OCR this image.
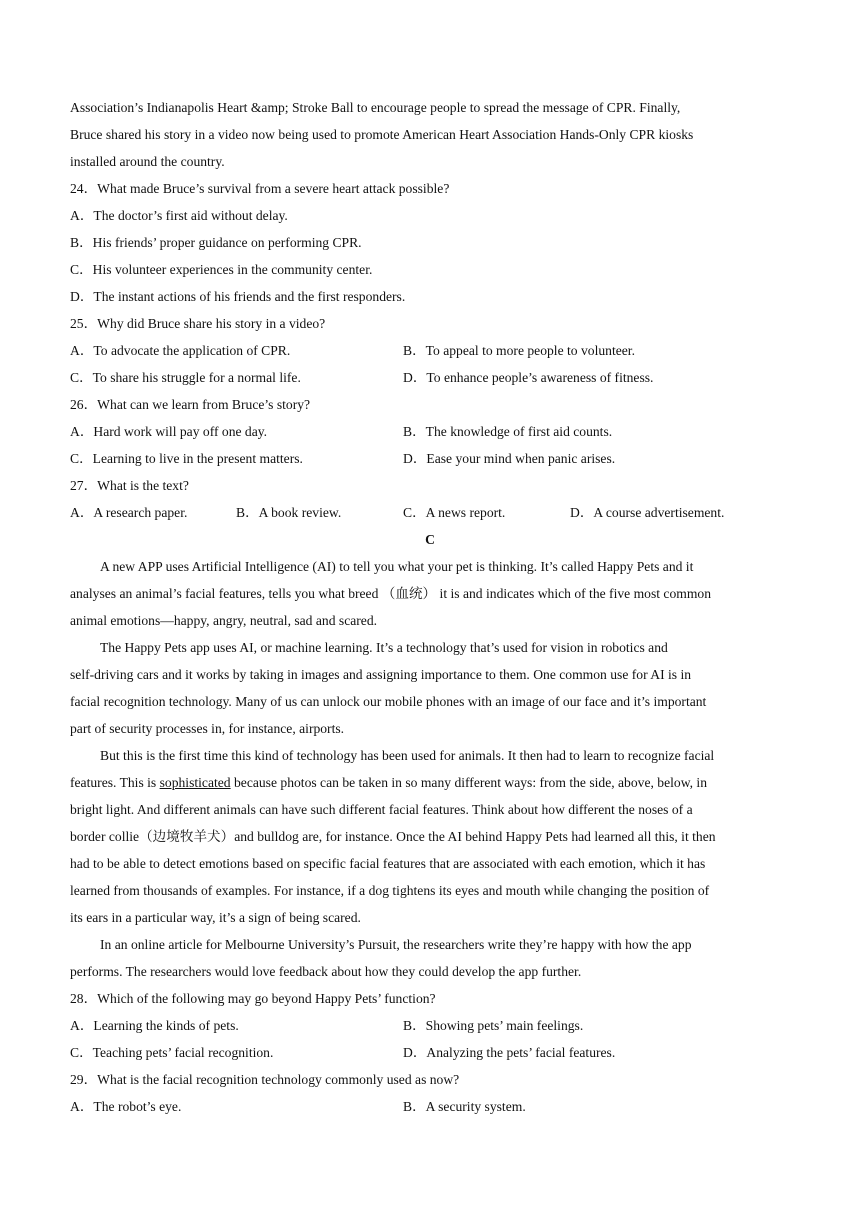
Association’s Indianapolis Heart &amp; Stroke Ball to encourage people to spread the message of CPR. Finally,
Bruce shared his story in a video now being used to promote American Heart Association Hands-Only CPR kiosks
installed around the country.
24．What made Bruce’s survival from a severe heart attack possible?
A．The doctor’s first aid without delay.
B．His friends’ proper guidance on performing CPR.
C．His volunteer experiences in the community center.
D．The instant actions of his friends and the first responders.
25．Why did Bruce share his story in a video?
A．To advocate the application of CPR.	B．To appeal to more people to volunteer.
C．To share his struggle for a normal life.	D．To enhance people’s awareness of fitness.
26．What can we learn from Bruce’s story?
A．Hard work will pay off one day.	B．The knowledge of first aid counts.
C．Learning to live in the present matters.	D．Ease your mind when panic arises.
27．What is the text?
A．A research paper.	B．A book review.	C．A news report.	D．A course advertisement.
C
A new APP uses Artificial Intelligence (AI) to tell you what your pet is thinking. It’s called Happy Pets and it
analyses an animal’s facial features, tells you what breed （血统） it is and indicates which of the five most common
animal emotions—happy, angry, neutral, sad and scared.
The Happy Pets app uses AI, or machine learning. It’s a technology that’s used for vision in robotics and
self-driving cars and it works by taking in images and assigning importance to them. One common use for AI is in
facial recognition technology. Many of us can unlock our mobile phones with an image of our face and it’s important
part of security processes in, for instance, airports.
But this is the first time this kind of technology has been used for animals. It then had to learn to recognize facial
features. This is sophisticated because photos can be taken in so many different ways: from the side, above, below, in
bright light. And different animals can have such different facial features. Think about how different the noses of a
border collie（边境牧羊犬）and bulldog are, for instance. Once the AI behind Happy Pets had learned all this, it then
had to be able to detect emotions based on specific facial features that are associated with each emotion, which it has
learned from thousands of examples. For instance, if a dog tightens its eyes and mouth while changing the position of
its ears in a particular way, it’s a sign of being scared.
In an online article for Melbourne University’s Pursuit, the researchers write they’re happy with how the app
performs. The researchers would love feedback about how they could develop the app further.
28．Which of the following may go beyond Happy Pets’ function?
A．Learning the kinds of pets.	B．Showing pets’ main feelings.
C．Teaching pets’ facial recognition.	D．Analyzing the pets’ facial features.
29．What is the facial recognition technology commonly used as now?
A．The robot’s eye.	B．A security system.
